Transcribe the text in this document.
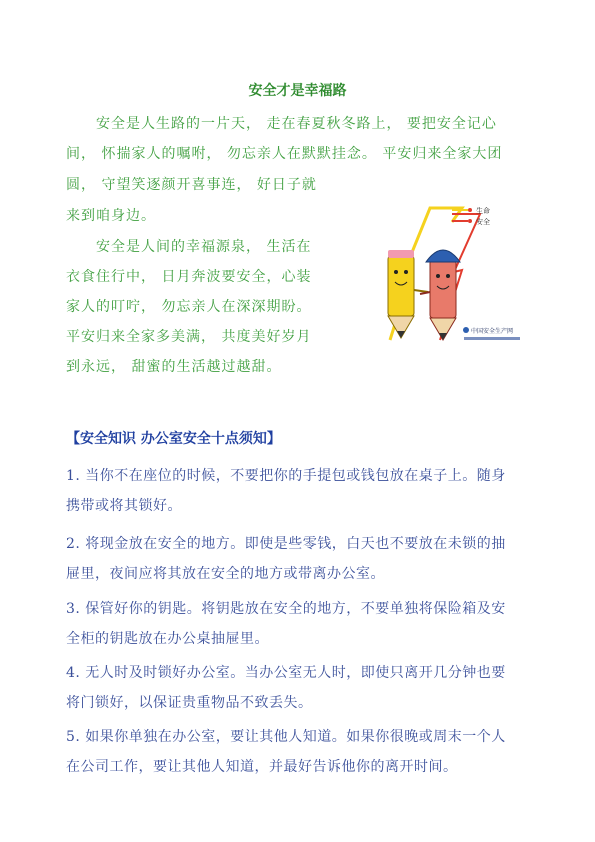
安全才是幸福路
安全是人生路的一片天， 走在春夏秋冬路上， 要把安全记心
间， 怀揣家人的嘱咐， 勿忘亲人在默默挂念。 平安归来全家大团
圆， 守望笑逐颜开喜事连， 好日子就
来到咱身边。
安全是人间的幸福源泉， 生活在
衣食住行中， 日月奔波要安全，心装
家人的叮咛， 勿忘亲人在深深期盼。
平安归来全家多美满， 共度美好岁月
到永远， 甜蜜的生活越过越甜。
生命
安全
中国安全生产网
【安全知识 办公室安全十点须知】
1. 当你不在座位的时候，不要把你的手提包或钱包放在桌子上。随身
携带或将其锁好。
2. 将现金放在安全的地方。即使是些零钱，白天也不要放在未锁的抽
屉里，夜间应将其放在安全的地方或带离办公室。
3. 保管好你的钥匙。将钥匙放在安全的地方，不要单独将保险箱及安
全柜的钥匙放在办公桌抽屉里。
4. 无人时及时锁好办公室。当办公室无人时，即使只离开几分钟也要
将门锁好，以保证贵重物品不致丢失。
5. 如果你单独在办公室，要让其他人知道。如果你很晚或周末一个人
在公司工作，要让其他人知道，并最好告诉他你的离开时间。
